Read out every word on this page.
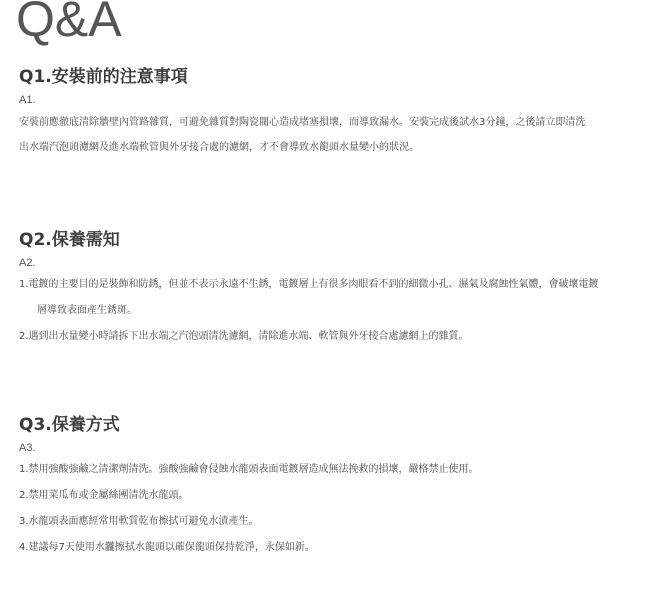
Q&A
Q1.安裝前的注意事項
A1.
安裝前應徹底清除牆壁內管路雜質，可避免雜質對陶瓷閥心造成堵塞損壞，而導致漏水。安裝完成後試水3分鐘，之後請立即清洗出水端汽泡頭濾網及進水端軟管與外牙接合處的濾網，才不會導致水龍頭水量變小的狀況。
Q2.保養需知
A2.
1.電鍍的主要目的是裝飾和防銹，但並不表示永遠不生銹，電鍍層上有很多肉眼看不到的細微小孔、濕氣及腐蝕性氣體，會破壞電鍍層導致表面產生銹斑。
2.遇到出水量變小時請拆下出水端之汽泡頭清洗濾網，清除進水端、軟管與外牙接合處濾網上的雜質。
Q3.保養方式
A3.
1.禁用強酸強鹼之清潔劑清洗。強酸強鹼會侵蝕水龍頭表面電鍍層造成無法挽救的損壞，嚴格禁止使用。
2.禁用菜瓜布或金屬絲團清洗水龍頭。
3.水龍頭表面應經常用軟質乾布擦拭可避免水漬產生。
4.建議每7天使用水龖擦拭水龍頭以確保龍頭保持乾淨，永保如新。
